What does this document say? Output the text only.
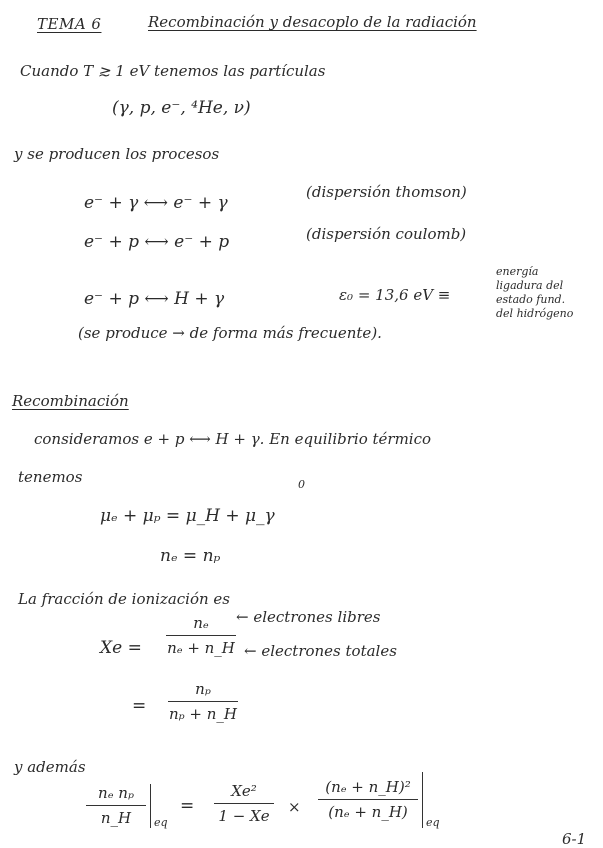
TEMA 6	Recombinación y desacoplo de la radiación
Cuando T ≳ 1 eV tenemos las partículas
(γ, p, e⁻, ⁴He, ν)
y se producen los procesos
e⁻ + γ ⟷ e⁻ + γ
(dispersión thomson)
e⁻ + p ⟷ e⁻ + p	(dispersión coulomb)
e⁻ + p ⟷ H + γ	ε₀ = 13,6 eV ≡
energía
ligadura del
estado fund.
del hidrógeno
(se produce → de forma más frecuente).
Recombinación
consideramos e + p ⟷ H + γ. En equilibrio térmico
tenemos
μₑ + μₚ = μ_H + μ_γ
0
nₑ = nₚ
La fracción de ionización es
Xe =
nₑ
nₑ + n_H
← electrones libres
← electrones totales
=
nₚ
nₚ + n_H
y además
nₑ nₚ
n_H eq
=
Xe²
1 − Xe ×
(nₑ + n_H)²
(nₑ + n_H)
eq
6-1
